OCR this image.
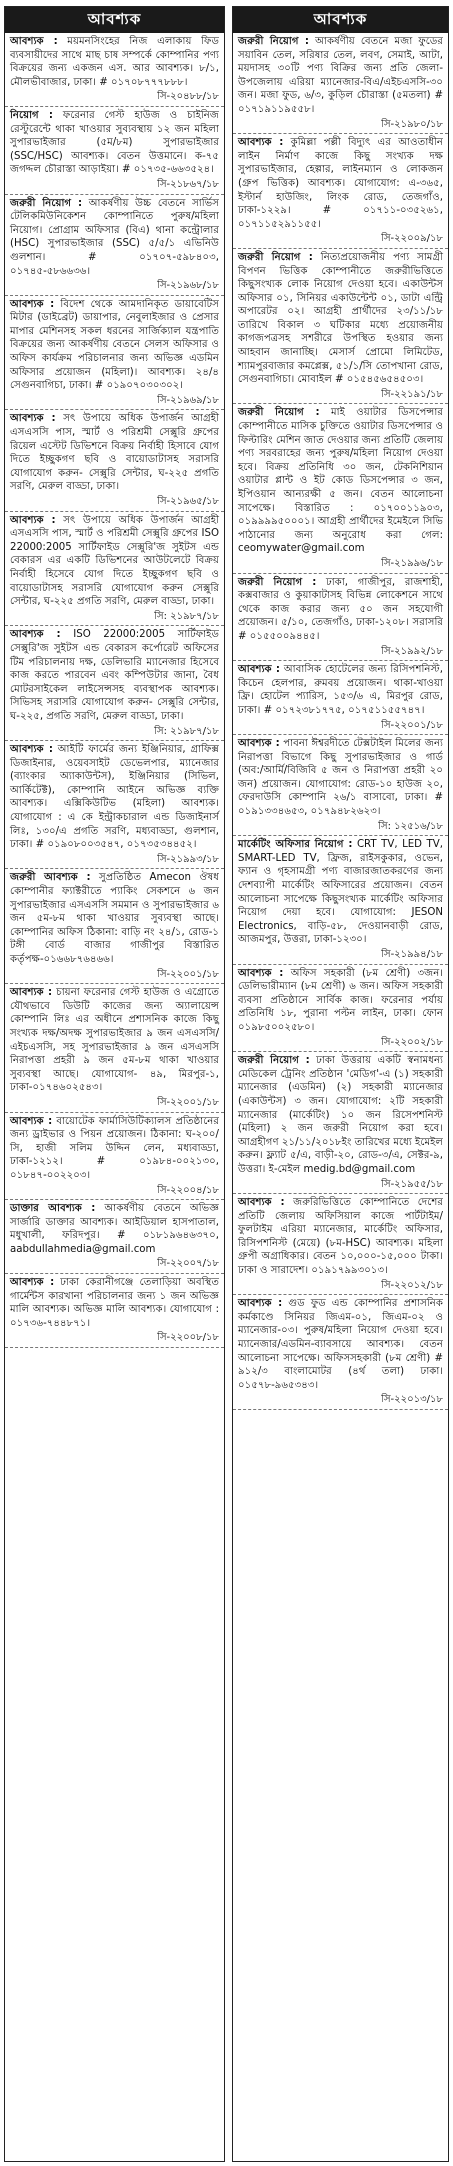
আবশ্যক
আবশ্যক : ময়মনসিংহের নিজ এলাকায় ফিড ব্যবসায়ীদের সাথে মাছ চাষ সম্পর্কে কোম্পানির পণ্য বিক্রয়ের জন্য একজন এস. আর আবশ্যক। ৮/১, মৌলভীবাজার, ঢাকা। # ০১৭০৮৭৭৭৮৮৮।
সি-২০৪৮৮/১৮
নিয়োগ : ফরেনার গেস্ট হাউজ ও চাইনিজ রেস্টুরেন্টে থাকা খাওয়ার সুব্যবস্থায় ১২ জন মহিলা সুপারভাইজার (৫ম/৮ম) সুপারভাইজার (SSC/HSC) আবশ্যক। বেতন উত্তমানে। ক-৭৫ জগদ্দল চৌরাস্তা আড়াইয়া। # ০১৭৩৫-৬৬৩৫২৪।
সি-২১৮৬৭/১৮
জরুরী নিয়োগ : আকর্ষণীয় উচ্চ বেতনে সার্ভিস টেলিকমিউনিকেশন কোম্পানিতে পুরুষ/মহিলা নিয়োগ। প্রোগ্রাম অফিসার (বিএ) থানা কন্ট্রোলার (HSC) সুপারভাইজার (SSC) ৫/৫/১ এভিনিউ গুলশান। # ০১৭০৭-৫৯৮৪০৩, ০১৭৪৫-৫৮৬৬৩৬।
সি-২১৯৬৮/১৮
আবশ্যক : বিদেশ থেকে আমদানিকৃত ডায়াবেটিস মিটার (ডাইব্রেট) ডায়াপার, নেবুলাইজার ও প্রেসার মাপার মেশিনসহ সকল ধরনের সার্জিক্যাল যন্ত্রপাতি বিক্রয়ের জন্য আকর্ষণীয় বেতনে সেলস অফিসার ও অফিস কার্যক্রম পরিচালনার জন্য অভিজ্ঞ এডমিন অফিসার প্রয়োজন (মহিলা)। আবশ্যক। ২৪/৪ সেগুনবাগিচা, ঢাকা। # ০১৯০৭০৩০৩০২।
সি-২১৯৬৯/১৮
আবশ্যক : সৎ উপায়ে অধিক উপার্জন আগ্রহী এসএসসি পাস, স্মার্ট ও পরিশ্রমী সেক্সুরি গ্রুপের রিয়েল এস্টেট ডিভিশনে বিক্রয় নির্বাহী হিসাবে যোগ দিতে ইচ্ছুকগণ ছবি ও বায়োডাটাসহ সরাসরি যোগাযোগ করুন- সেক্সুরি সেন্টার, ঘ-২২৫ প্রগতি সরণি, মেরুল বাড্ডা, ঢাকা।
সি-২১৯৬৫/১৮
আবশ্যক : সৎ উপায়ে অধিক উপার্জন আগ্রহী এসএসসি পাস, স্মার্ট ও পরিশ্রমী সেক্সুরি গ্রুপের ISO 22000:2005 সার্টিফাইড সেক্সুরি'জ সুইটস এন্ড বেকারস এর একটি ডিভিশনের আউটলেটে বিক্রয় নির্বাহী হিসেবে যোগ দিতে ইচ্ছুকগণ ছবি ও বায়োডাটাসহ সরাসরি যোগাযোগ করুন সেক্সুরি সেন্টার, ঘ-২২৫ প্রগতি সরণি, মেরুল বাড্ডা, ঢাকা।
সি: ২১৯৮৭/১৮
আবশ্যক : ISO 22000:2005 সার্টিফাইড সেক্সুরি'জ সুইটস এন্ড বেকারস কর্পোরেট অফিসের টিম পরিচালনায় দক্ষ, ডেলিভারি ম্যানেজার হিসেবে কাজ করতে পারবেন এবং কম্পিউটার জানা, বৈধ মোটরসাইকেল লাইসেন্সসহ ব্যবস্থাপক আবশ্যক। সিভিসহ সরাসরি যোগাযোগ করুন- সেক্সুরি সেন্টার, ঘ-২২৫, প্রগতি সরণি, মেরুল বাড্ডা, ঢাকা।
সি: ২১৯৮৭/১৮
আবশ্যক : আইটি ফার্মের জন্য ইঞ্জিনিয়ার, গ্রাফিক্স ডিজাইনার, ওয়েবসাইট ডেভেলপার, ম্যানেজার (ব্যাংকার অ্যাকাউন্টস), ইঞ্জিনিয়ার (সিভিল, আর্কিটেক্ট), কোম্পানি আইনে অভিজ্ঞ ব্যক্তি আবশ্যক। এক্সিকিউটিভ (মহিলা) আবশ্যক। যোগাযোগ : এ কে ইন্ট্রাকচারাল এন্ড ডিজাইনার্স লিঃ, ১৩০/এ প্রগতি সরণি, মধ্যবাড্ডা, গুলশান, ঢাকা। # ০১৯০৮০০৩৫৪৭, ০১৭৩৫৩৪৪৫২।
সি-২১৯৯৩/১৮
জরুরী আবশ্যক : সুপ্রতিষ্ঠিত Amecon ঔষধ কোম্পানীর ফ্যাক্টরীতে প্যাকিং সেকশনে ৬ জন সুপারভাইজার এসএসসি সমমান ও সুপারভাইজার ৬ জন ৫ম-৮ম থাকা খাওয়ার সুব্যবস্থা আছে। কোম্পানির অফিস ঠিকানা: বাড়ি নং ২৪/১, রোড-১ টঙ্গী বোর্ড বাজার গাজীপুর বিস্তারিত কর্তৃপক্ষ-০১৬৬৮৭৬৪৬৬।
সি-২২০০১/১৮
আবশ্যক : চায়না ফরেনার গেস্ট হাউজ ও এগ্রোতে যৌথভাবে ডিউটি কাজের জন্য অ্যালায়েন্স কোম্পানি লিঃ এর অধীনে প্রশাসনিক কাজে কিছু সংখ্যক দক্ষ/অদক্ষ সুপারভাইজার ৯ জন এসএসসি/এইচএসসি, সহ সুপারভাইজার ৯ জন এসএসসি নিরাপত্তা প্রহরী ৯ জন ৫ম-৮ম থাকা খাওয়ার সুব্যবস্থা আছে। যোগাযোগ- ৪৯, মিরপুর-১, ঢাকা-০১৭৪৬০২৫৪৩।
সি-২২০০১/১৮
আবশ্যক : বায়োটেক ফার্মাসিউটিক্যালস প্রতিষ্ঠানের জন্য ড্রাইভার ও পিয়ন প্রয়োজন। ঠিকানা: ঘ-২০০/সি, হাজী সলিম উদ্দিন লেন, মধ্যবাড্ডা, ঢাকা-১২১২। # ০১৯৮৪-০০২১৩০, ০১৮৪৭-০০২২০৩।
সি-২২০০৪/১৮
ডাক্তার আবশ্যক : আকর্ষণীয় বেতনে অভিজ্ঞ সার্জারি ডাক্তার আবশ্যক। আইডিয়াল হাসপাতাল, মধুখালী, ফরিদপুর। # ০১৮১৯৬৪৬৩৭০, aabdullahmedia@gmail.com
সি-২২০০৭/১৮
আবশ্যক : ঢাকা কেরানীগঞ্জে তেলাড়িয়া অবস্থিত গার্মেন্টস কারখানা পরিচালনার জন্য ১ জন অভিজ্ঞ মালি আবশ্যক। অভিজ্ঞ মালি আবশ্যক। যোগাযোগ : ০১৭৩৬-৭৪৪৮৭১।
সি-২২০০৮/১৮
আবশ্যক
জরুরী নিয়োগ : আকর্ষণীয় বেতনে মজা ফুডের সয়াবিন তেল, সরিষার তেল, লবণ, সেমাই, আটা, ময়দাসহ ৩০টি পণ্য বিক্রির জন্য প্রতি জেলা-উপজেলায় এরিয়া ম্যানেজার-বিএ/এইচএসসি-৩০ জন। মজা ফুড, ৬/৩, কুড়িল চৌরাস্তা (৫মতলা) # ০১৭১৯১১৯৫৫৮।
সি-২১৯৮০/১৮
আবশ্যক : কুমিল্লা পল্লী বিদ্যুৎ এর আওতাধীন লাইন নির্মাণ কাজে কিছু সংখ্যক দক্ষ সুপারভাইজার, হেল্পার, লাইনম্যান ও লোকজন (গ্রুপ ভিত্তিক) আবশ্যক। যোগাযোগ: এ-৩৬৫, ইস্টার্ন হাউজিং, লিংক রোড, তেজগাঁও, ঢাকা-১২২৯। # ০১৭১১-০৩৫২৬১, ০১৭১১৫২৯১১৫৫।
সি-২২০০৯/১৮
জরুরী নিয়োগ : নিত্যপ্রয়োজনীয় পণ্য সামগ্রী বিপণন ভিত্তিক কোম্পানীতে জরুরীভিত্তিতে কিছুসংখ্যক লোক নিয়োগ দেওয়া হবে। একাউন্টস অফিসার ০১, সিনিয়র একাউন্টেন্ট ০১, ডাটা এন্ট্রি অপারেটর ০২। আগ্রহী প্রার্থীদের ২৩/১১/১৮ তারিখে বিকাল ৩ ঘটিকার মধ্যে প্রয়োজনীয় কাগজপত্রসহ সশরীরে উপস্থিত হওয়ার জন্য আহবান জানাচ্ছি। মেসার্স প্রোমো লিমিটেড, শ্যামপুরবাজার কমপ্লেক্স, ৫১/১/সি তোপখানা রোড, সেগুনবাগিচা। মোবাইল # ০১৫৪৫৬৫৪৫০৩।
সি-২২১৯১/১৮
জরুরী নিয়োগ : মাই ওয়াটার ডিসপেন্সার কোম্পানীতে মাসিক চুক্তিতে ওয়াটার ডিসপেন্সার ও ফিল্টারিং মেশিন জাত দেওয়ার জন্য প্রতিটি জেলায় পণ্য সরবরাহের জন্য পুরুষ/মহিলা নিয়োগ দেওয়া হবে। বিক্রয় প্রতিনিধি ৩০ জন, টেকনিশিয়ান ওয়াটার প্লান্ট ও ইট কোড ডিসপেন্সার ৩ জন, ইপিওয়ান আন্যরক্ষী ৫ জন। বেতন আলোচনা সাপেক্ষে। বিস্তারিত : ০১৭০০১১৯০৩, ০১৯৯৯৯৫০০০১। আগ্রহী প্রার্থীদের ইমেইলে সিভি পাঠানোর জন্য অনুরোধ করা গেল: ceomywater@gmail.com
সি-২১৯৯৬/১৮
জরুরী নিয়োগ : ঢাকা, গাজীপুর, রাজশাহী, কক্সবাজার ও কুয়াকাটাসহ বিভিন্ন লোকেশনে সাথে থেকে কাজ করার জন্য ৫০ জন সহযোগী প্রয়োজন। ৫/১০, তেজগাঁও, ঢাকা-১২০৮। সরাসরি # ০১৫৫০০৯৪৪৫।
সি-২১৯৯২/১৮
আবশ্যক : আবাসিক হোটেলের জন্য রিসিপশনিস্ট, কিচেন হেলপার, রুমবয় প্রয়োজন। থাকা-খাওয়া ফ্রি। হোটেল প্যারিস, ১৫৩/৬ এ, মিরপুর রোড, ঢাকা। # ০১৭২৩৮১৭৭৫, ০১৭৫১১৫৫৭৪৭।
সি-২২০০১/১৮
আবশ্যক : পাবনা ঈশ্বরদীতে টেক্সটাইল মিলের জন্য নিরাপত্তা বিভাগে কিছু সুপারভাইজার ও গার্ড (অব:/আর্মি/বিজিবি ৫ জন ও নিরাপত্তা প্রহরী ২০ জন) প্রয়োজন। যোগাযোগ: রোড-১০ হাউজ ২০, ফেরদাউসি কোম্পানি ২৬/১ বাসাবো, ঢাকা। # ০১৯১৩৩৪৬৫৩, ০১৭৯৪৮২৬২৩।
সি: ১২৫১৬/১৮
মার্কেটিং অফিসার নিয়োগ : CRT TV, LED TV, SMART-LED TV, ফ্রিজ, রাইসকুকার, ওভেন, ফ্যান ও গৃহসামগ্রী পণ্য বাজারজাতকরণের জন্য দেশব্যাপী মার্কেটিং অফিসারের প্রয়োজন। বেতন আলোচনা সাপেক্ষে কিছুসংখ্যক মার্কেটিং অফিসার নিয়োগ দেয়া হবে। যোগাযোগ: JESON Electronics, বাড়ি-৫৮, দেওয়ানবাড়ী রোড, আজমপুর, উত্তরা, ঢাকা-১২৩০।
সি-২১৯৯৪/১৮
আবশ্যক : অফিস সহকারী (৮ম শ্রেণী) ৩জন। ডেলিভারীম্যান (৮ম শ্রেণী) ৬ জন। অফিস সহকারী ব্যবসা প্রতিষ্ঠানে সার্বিক কাজ। ফরেনার পর্যায় প্রতিনিধি ১৮, পুরানা পল্টন লাইন, ঢাকা। ফোন ০১৯৮৫০০২৫৮০।
সি-২২০০২/১৮
জরুরী নিয়োগ : ঢাকা উত্তরায় একটি স্বনামধন্য মেডিকেল ট্রেনিং প্রতিষ্ঠান 'মেডিগ'-এ (১) সহকারী ম্যানেজার (এডমিন) (২) সহকারী ম্যানেজার (একাউন্টস) ৩ জন। যোগাযোগ: ২টি সহকারী ম্যানেজার (মার্কেটিং) ১০ জন রিসেপশনিস্ট (মহিলা) ২ জন জরুরী নিয়োগ করা হবে। আগ্রহীগণ ২১/১১/২০১৮ইং তারিখের মধ্যে ইমেইল করুন। ফ্ল্যাট ৫/এ, বাড়ী-২০, রোড-৩/এ, সেক্টর-৯, উত্তরা। ই-মেইল medig.bd@gmail.com
সি-২১৯৫৫/১৮
আবশ্যক : জরুরিভিত্তিতে কোম্পানিতে দেশের প্রতিটি জেলায় অফিসিয়াল কাজে পার্টটাইম/ফুলটাইম এরিয়া ম্যানেজার, মার্কেটিং অফিসার, রিসিপশনিস্ট (মেয়ে) (৮ম-HSC) আবশ্যক। মহিলা গ্রুপী অগ্রাধিকার। বেতন ১০,০০০-১৫,০০০ টাকা। ঢাকা ও সারাদেশ। ০১৯১৭৯৯৩০১৩।
সি-২২০১২/১৮
আবশ্যক : গুড ফুড এন্ড কোম্পানির প্রশাসনিক কর্মকাণ্ডে সিনিয়র জিএম-০১, জিএম-০২ ও ম্যানেজার-০৩। পুরুষ/মহিলা নিয়োগ দেওয়া হবে। ম্যানেজার/এডমিন-ব্যাবসায়ে আবশ্যক। বেতন আলোচনা সাপেক্ষে। অফিসসহকারী (৮ম শ্রেণী) # ৯১২/৩ বাংলামোটর (৪র্থ তলা) ঢাকা। ০১৫৭৮-৯৬৫৩৪৩।
সি-২২০১৩/১৮
